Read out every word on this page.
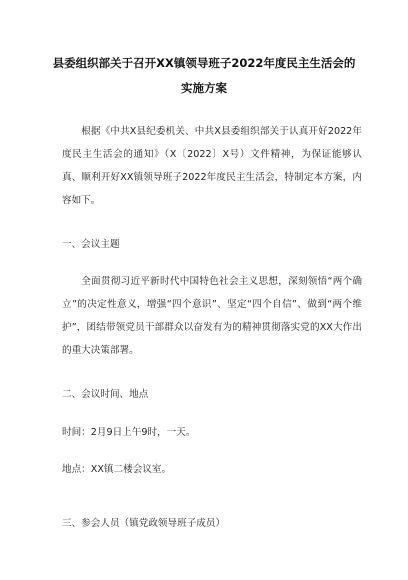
县委组织部关于召开XX镇领导班子2022年度民主生活会的
实施方案
根据《中共X县纪委机关、中共X县委组织部关于认真开好2022年度民主生活会的通知》（X〔2022〕X号）文件精神，为保证能够认真、顺利开好XX镇领导班子2022年度民主生活会，特制定本方案，内容如下。
一、会议主题
全面贯彻习近平新时代中国特色社会主义思想，深刻领悟“两个确立”的决定性意义，增强“四个意识”、坚定“四个自信”、做到“两个维护”，团结带领党员干部群众以奋发有为的精神贯彻落实党的XX大作出的重大决策部署。
二、会议时间、地点
时间：2月9日上午9时，一天。
地点：XX镇二楼会议室。
三、参会人员（镇党政领导班子成员）
